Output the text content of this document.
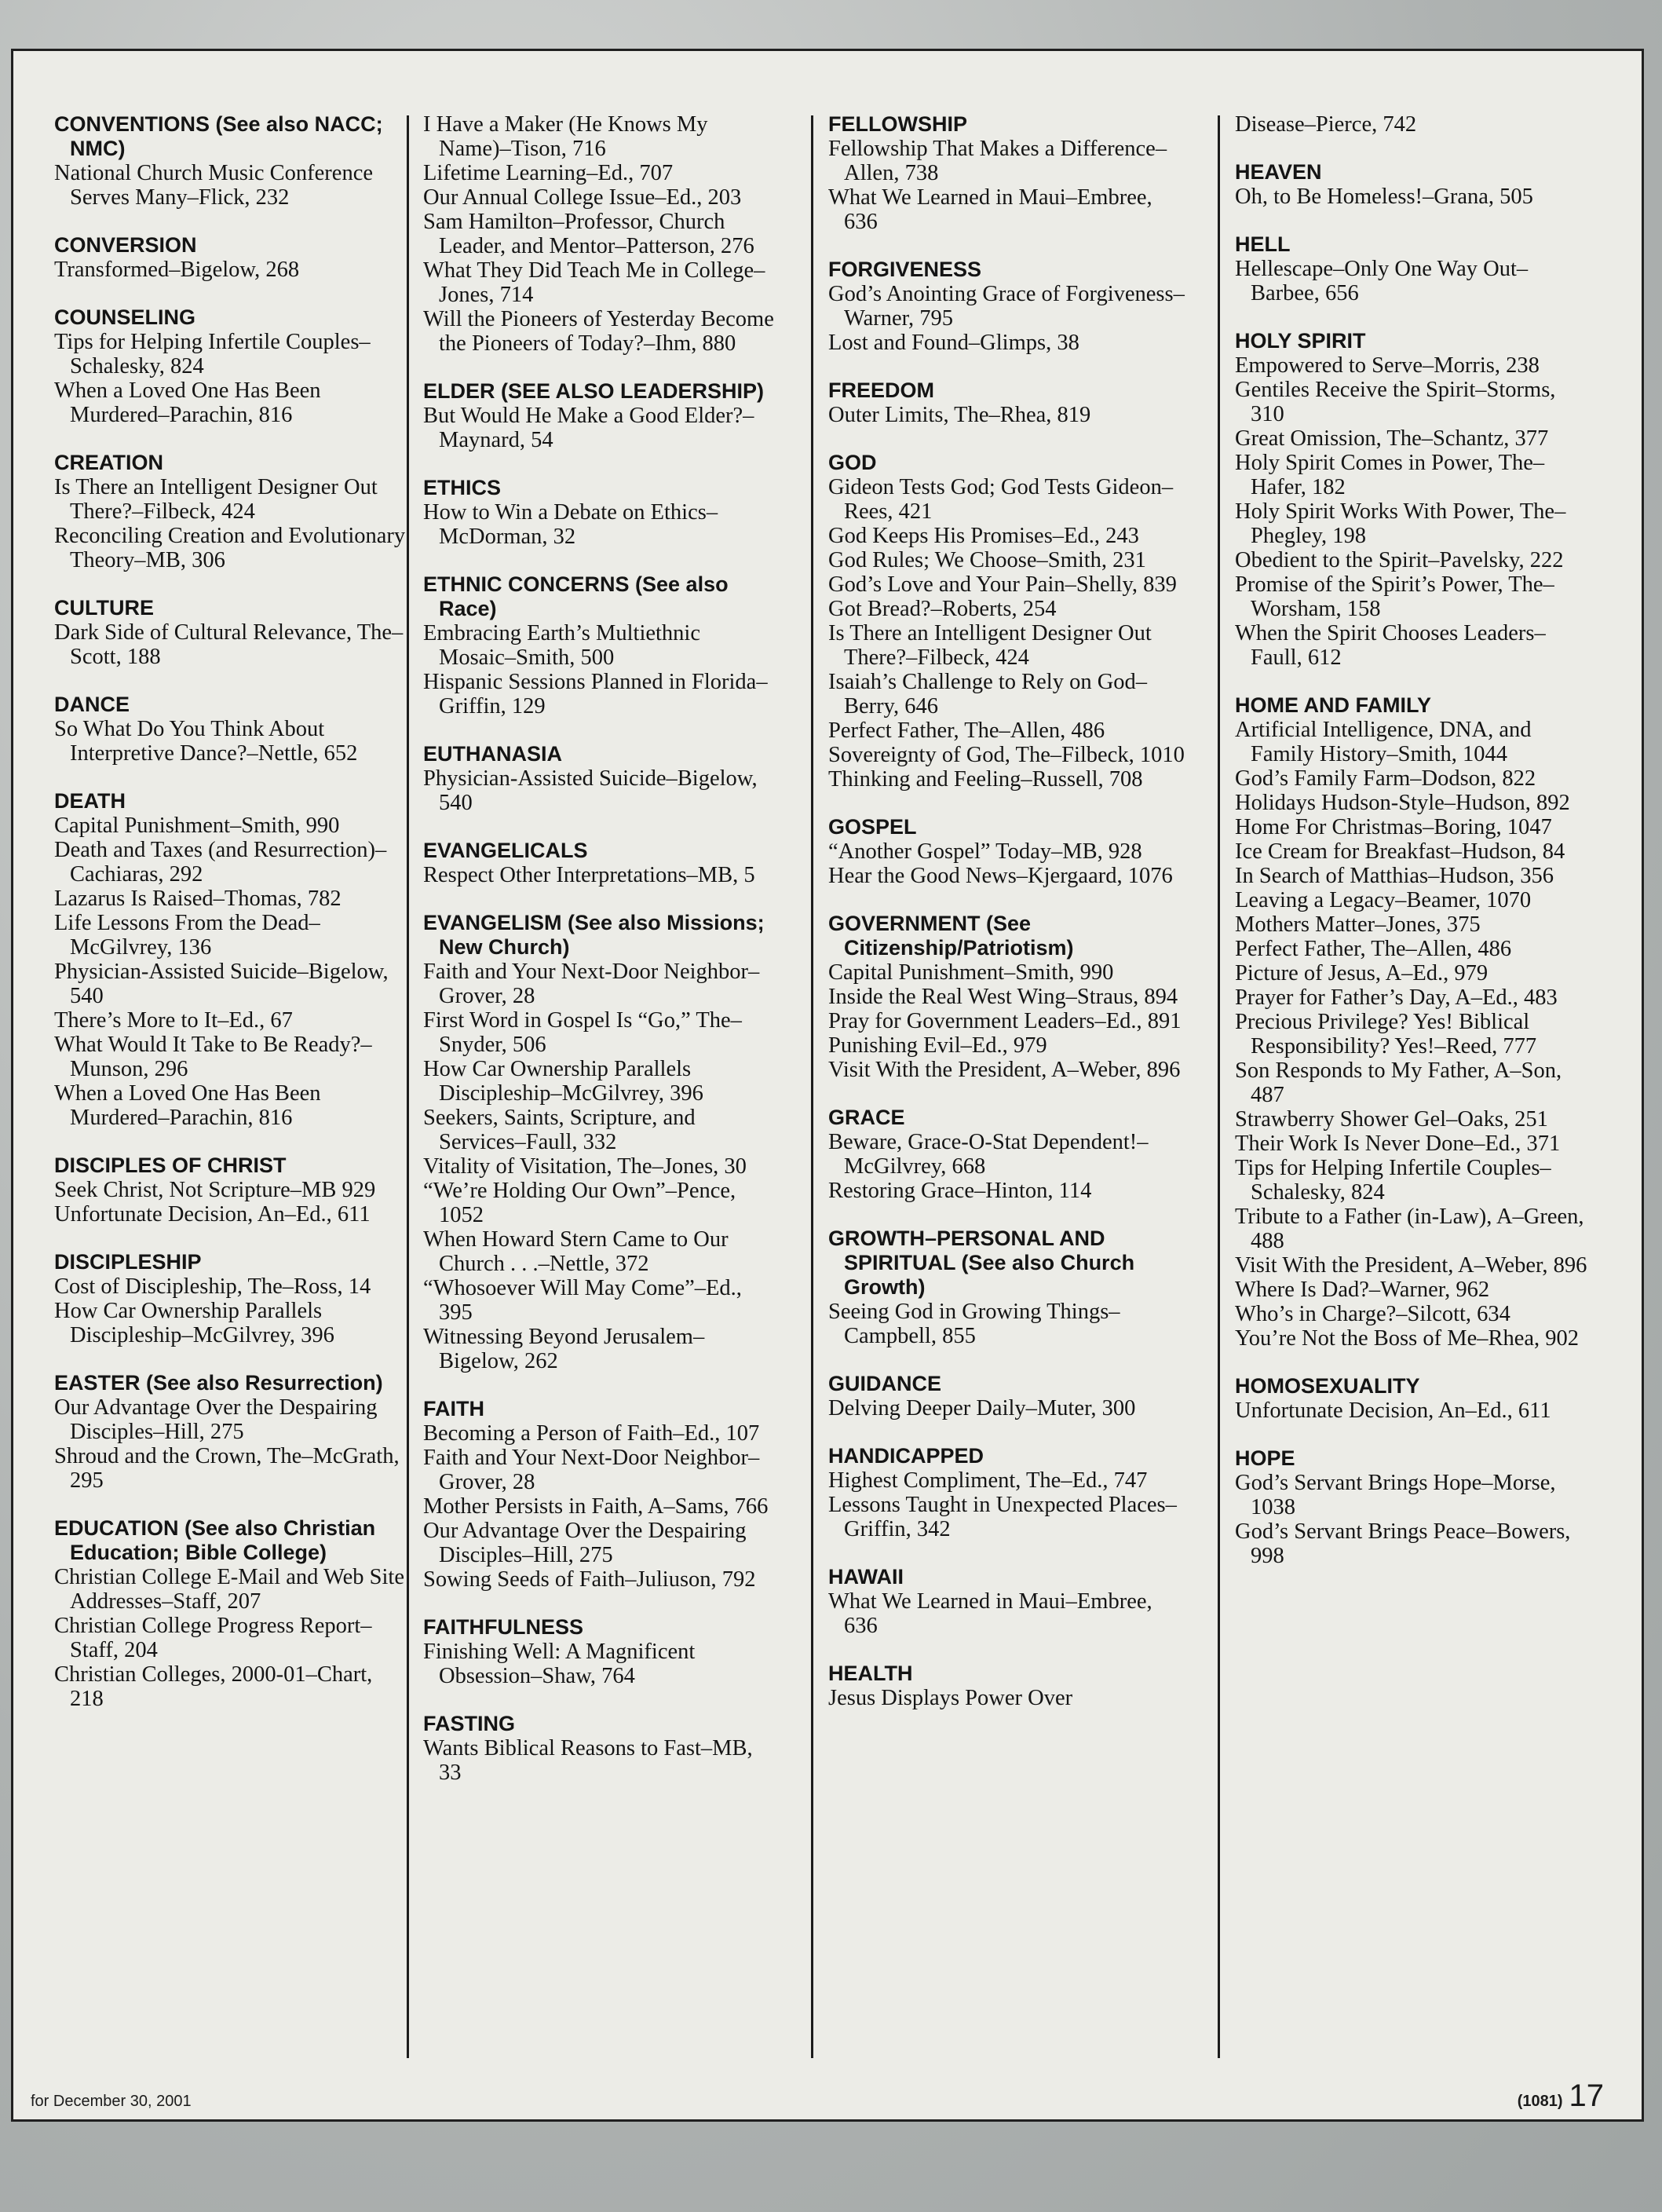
CONVENTIONS (See also NACC; NMC)
National Church Music Conference Serves Many–Flick, 232
CONVERSION
Transformed–Bigelow, 268
COUNSELING
Tips for Helping Infertile Couples–Schalesky, 824
When a Loved One Has Been Murdered–Parachin, 816
CREATION
Is There an Intelligent Designer Out There?–Filbeck, 424
Reconciling Creation and Evolutionary Theory–MB, 306
CULTURE
Dark Side of Cultural Relevance, The–Scott, 188
DANCE
So What Do You Think About Interpretive Dance?–Nettle, 652
DEATH
Capital Punishment–Smith, 990
Death and Taxes (and Resurrection)–Cachiaras, 292
Lazarus Is Raised–Thomas, 782
Life Lessons From the Dead–McGilvrey, 136
Physician-Assisted Suicide–Bigelow, 540
There’s More to It–Ed., 67
What Would It Take to Be Ready?–Munson, 296
When a Loved One Has Been Murdered–Parachin, 816
DISCIPLES OF CHRIST
Seek Christ, Not Scripture–MB 929
Unfortunate Decision, An–Ed., 611
DISCIPLESHIP
Cost of Discipleship, The–Ross, 14
How Car Ownership Parallels Discipleship–McGilvrey, 396
EASTER (See also Resurrection)
Our Advantage Over the Despairing Disciples–Hill, 275
Shroud and the Crown, The–McGrath, 295
EDUCATION (See also Christian Education; Bible College)
Christian College E-Mail and Web Site Addresses–Staff, 207
Christian College Progress Report–Staff, 204
Christian Colleges, 2000-01–Chart, 218
I Have a Maker (He Knows My Name)–Tison, 716
Lifetime Learning–Ed., 707
Our Annual College Issue–Ed., 203
Sam Hamilton–Professor, Church Leader, and Mentor–Patterson, 276
What They Did Teach Me in College–Jones, 714
Will the Pioneers of Yesterday Become the Pioneers of Today?–Ihm, 880
ELDER (SEE ALSO LEADERSHIP)
But Would He Make a Good Elder?–Maynard, 54
ETHICS
How to Win a Debate on Ethics–McDorman, 32
ETHNIC CONCERNS (See also Race)
Embracing Earth’s Multiethnic Mosaic–Smith, 500
Hispanic Sessions Planned in Florida–Griffin, 129
EUTHANASIA
Physician-Assisted Suicide–Bigelow, 540
EVANGELICALS
Respect Other Interpretations–MB, 5
EVANGELISM (See also Missions; New Church)
Faith and Your Next-Door Neighbor–Grover, 28
First Word in Gospel Is “Go,” The–Snyder, 506
How Car Ownership Parallels Discipleship–McGilvrey, 396
Seekers, Saints, Scripture, and Services–Faull, 332
Vitality of Visitation, The–Jones, 30
“We’re Holding Our Own”–Pence, 1052
When Howard Stern Came to Our Church . . .–Nettle, 372
“Whosoever Will May Come”–Ed., 395
Witnessing Beyond Jerusalem–Bigelow, 262
FAITH
Becoming a Person of Faith–Ed., 107
Faith and Your Next-Door Neighbor–Grover, 28
Mother Persists in Faith, A–Sams, 766
Our Advantage Over the Despairing Disciples–Hill, 275
Sowing Seeds of Faith–Julius​on, 792
FAITHFULNESS
Finishing Well: A Magnificent Obsession–Shaw, 764
FASTING
Wants Biblical Reasons to Fast–MB, 33
FELLOWSHIP
Fellowship That Makes a Difference–Allen, 738
What We Learned in Maui–Embree, 636
FORGIVENESS
God’s Anointing Grace of Forgiveness–Warner, 795
Lost and Found–Glimps, 38
FREEDOM
Outer Limits, The–Rhea, 819
GOD
Gideon Tests God; God Tests Gideon–Rees, 421
God Keeps His Promises–Ed., 243
God Rules; We Choose–Smith, 231
God’s Love and Your Pain–Shelly, 839
Got Bread?–Roberts, 254
Is There an Intelligent Designer Out There?–Filbeck, 424
Isaiah’s Challenge to Rely on God–Berry, 646
Perfect Father, The–Allen, 486
Sovereignty of God, The–Filbeck, 1010
Thinking and Feeling–Russell, 708
GOSPEL
“Another Gospel” Today–MB, 928
Hear the Good News–Kjergaard, 1076
GOVERNMENT (See Citizenship/Patriotism)
Capital Punishment–Smith, 990
Inside the Real West Wing–Straus, 894
Pray for Government Leaders–Ed., 891
Punishing Evil–Ed., 979
Visit With the President, A–Weber, 896
GRACE
Beware, Grace-O-Stat Dependent!–McGilvrey, 668
Restoring Grace–Hinton, 114
GROWTH–PERSONAL AND SPIRITUAL (See also Church Growth)
Seeing God in Growing Things–Campbell, 855
GUIDANCE
Delving Deeper Daily–Muter, 300
HANDICAPPED
Highest Compliment, The–Ed., 747
Lessons Taught in Unexpected Places–Griffin, 342
HAWAII
What We Learned in Maui–Embree, 636
HEALTH
Jesus Displays Power Over
Disease–Pierce, 742
HEAVEN
Oh, to Be Homeless!–Grana, 505
HELL
Hellescape–Only One Way Out–Barbee, 656
HOLY SPIRIT
Empowered to Serve–Morris, 238
Gentiles Receive the Spirit–Storms, 310
Great Omission, The–Schantz, 377
Holy Spirit Comes in Power, The–Hafer, 182
Holy Spirit Works With Power, The–Phegley, 198
Obedient to the Spirit–Pavelsky, 222
Promise of the Spirit’s Power, The–Worsham, 158
When the Spirit Chooses Leaders–Faull, 612
HOME AND FAMILY
Artificial Intelligence, DNA, and Family History–Smith, 1044
God’s Family Farm–Dodson, 822
Holidays Hudson-Style–Hudson, 892
Home For Christmas–Boring, 1047
Ice Cream for Breakfast–Hudson, 84
In Search of Matthias–Hudson, 356
Leaving a Legacy–Beamer, 1070
Mothers Matter–Jones, 375
Perfect Father, The–Allen, 486
Picture of Jesus, A–Ed., 979
Prayer for Father’s Day, A–Ed., 483
Precious Privilege? Yes! Biblical Responsibility? Yes!–Reed, 777
Son Responds to My Father, A–Son, 487
Strawberry Shower Gel–Oaks, 251
Their Work Is Never Done–Ed., 371
Tips for Helping Infertile Couples–Schalesky, 824
Tribute to a Father (in-Law), A–Green, 488
Visit With the President, A–Weber, 896
Where Is Dad?–Warner, 962
Who’s in Charge?–Silcott, 634
You’re Not the Boss of Me–Rhea, 902
HOMOSEXUALITY
Unfortunate Decision, An–Ed., 611
HOPE
God’s Servant Brings Hope–Morse, 1038
God’s Servant Brings Peace–Bowers, 998
for December 30, 2001	(1081) 17
